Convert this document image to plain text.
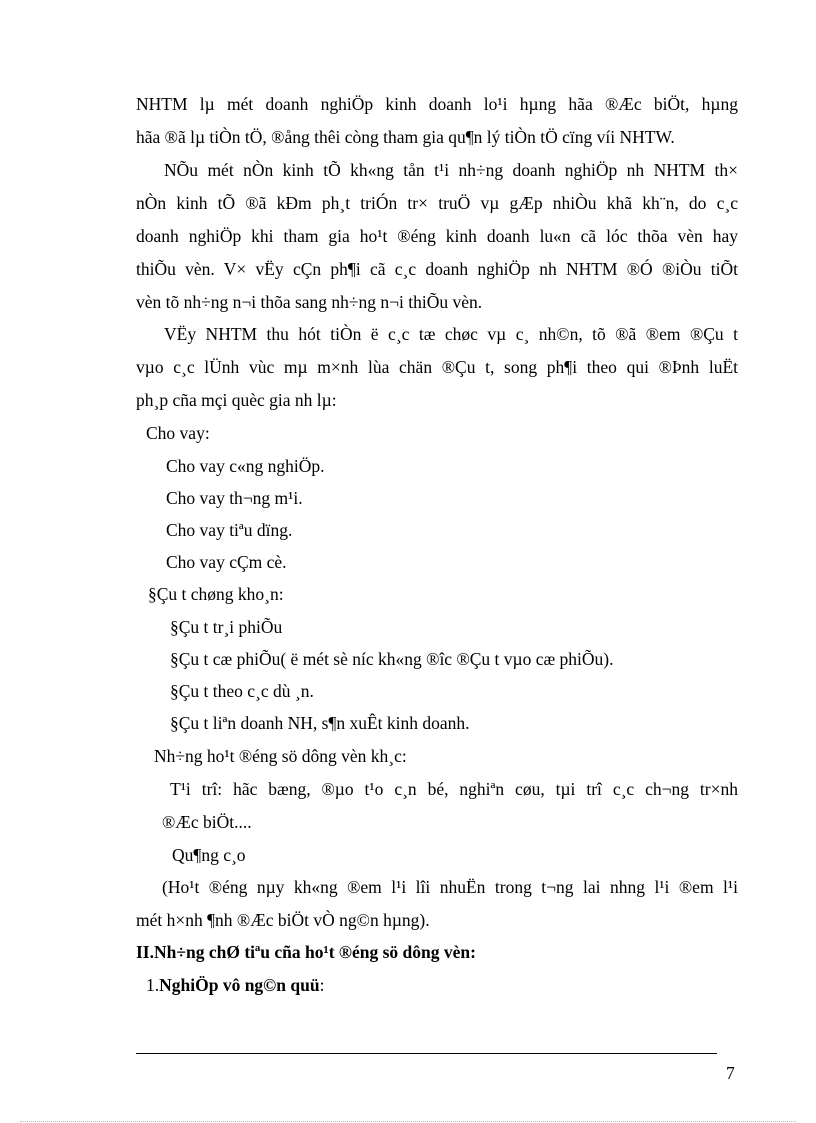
NHTM lµ mét doanh nghiÖp kinh doanh lo¹i hµng hãa ®Æc biÖt, hµng

hãa ®ã lµ tiÒn tÖ, ®ång thêi còng tham gia qu¶n lý tiÒn tÖ cïng víi NHTW.

NÕu mét nÒn kinh tÕ kh«ng tån t¹i nh÷ng doanh nghiÖp nh NHTM th×

nÒn kinh tÕ ®ã kÐm ph¸t triÓn tr× truÖ vµ gÆp nhiÒu khã kh¨n, do c¸c

doanh nghiÖp khi tham gia ho¹t ®éng kinh doanh lu«n cã lóc thõa vèn hay

thiÕu vèn. V× vËy cÇn ph¶i cã c¸c doanh nghiÖp nh NHTM ®Ó ®iÒu tiÕt

vèn tõ nh÷ng n¬i thõa sang nh÷ng n¬i thiÕu vèn.

VËy NHTM thu hót tiÒn ë c¸c tæ chøc vµ c¸ nh©n, tõ ®ã ®em ®Çu t

vµo c¸c lÜnh vùc mµ m×nh lùa chän ®Çu t, song ph¶i theo qui ®Þnh luËt

ph¸p cña mçi quèc gia nh lµ:

Cho vay:

Cho vay c«ng nghiÖp.

Cho vay th¬ng m¹i.

Cho vay tiªu dïng.

Cho vay cÇm cè.

§Çu t chøng kho¸n:

§Çu t tr¸i phiÕu

§Çu t cæ phiÕu( ë mét sè níc kh«ng ®îc ®Çu t vµo cæ phiÕu).

§Çu t theo c¸c dù ¸n.

§Çu t liªn doanh NH, s¶n xuÊt kinh doanh.

Nh÷ng ho¹t ®éng sö dông vèn kh¸c:

T¹i trî: hãc bæng, ®µo t¹o c¸n bé, nghiªn cøu, tµi trî c¸c ch¬ng tr×nh

®Æc biÖt....

Qu¶ng c¸o

(Ho¹t ®éng nµy kh«ng ®em l¹i lîi nhuËn trong t¬ng lai nhng l¹i ®em l¹i

mét h×nh ¶nh ®Æc biÖt vÒ ng©n hµng).

II.Nh÷ng chØ tiªu cña ho¹t ®éng sö dông vèn:

1.NghiÖp vô ng©n quü:

7
